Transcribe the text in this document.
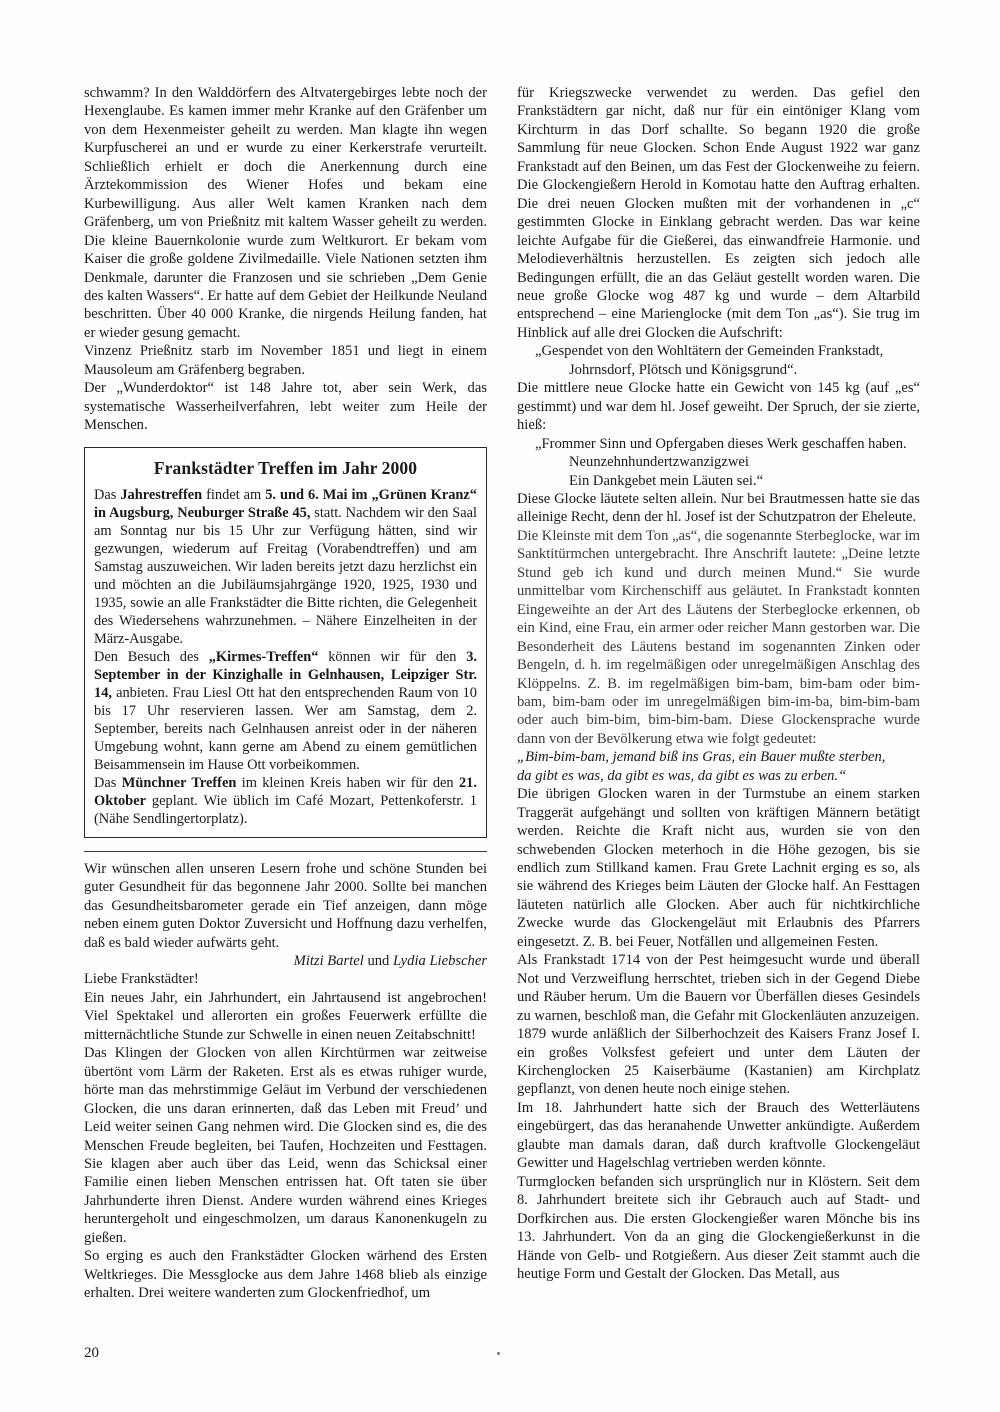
schwamm? In den Walddörfern des Altvatergebirges lebte noch der Hexenglaube. Es kamen immer mehr Kranke auf den Gräfenber um von dem Hexenmeister geheilt zu werden. Man klagte ihn wegen Kurpfuscherei an und er wurde zu einer Kerkerstrafe verurteilt. Schließlich erhielt er doch die Anerkennung durch eine Ärztekommission des Wiener Hofes und bekam eine Kurbewilligung. Aus aller Welt kamen Kranken nach dem Gräfenberg, um von Prießnitz mit kaltem Wasser geheilt zu werden. Die kleine Bauernkolonie wurde zum Weltkurort. Er bekam vom Kaiser die große goldene Zivilmedaille. Viele Nationen setzten ihm Denkmale, darunter die Franzosen und sie schrieben „Dem Genie des kalten Wassers“. Er hatte auf dem Gebiet der Heilkunde Neuland beschritten. Über 40 000 Kranke, die nirgends Heilung fanden, hat er wieder gesung gemacht.

Vinzenz Prießnitz starb im November 1851 und liegt in einem Mausoleum am Gräfenberg begraben.

Der „Wunderdoktor“ ist 148 Jahre tot, aber sein Werk, das systematische Wasserheilverfahren, lebt weiter zum Heile der Menschen.

Frankstädter Treffen im Jahr 2000

Das Jahrestreffen findet am 5. und 6. Mai im „Grünen Kranz“ in Augsburg, Neuburger Straße 45, statt. Nachdem wir den Saal am Sonntag nur bis 15 Uhr zur Verfügung hätten, sind wir gezwungen, wiederum auf Freitag (Vorabendtreffen) und am Samstag auszuweichen. Wir laden bereits jetzt dazu herzlichst ein und möchten an die Jubiläumsjahrgänge 1920, 1925, 1930 und 1935, sowie an alle Frankstädter die Bitte richten, die Gelegenheit des Wiedersehens wahrzunehmen. – Nähere Einzelheiten in der März-Ausgabe.

Den Besuch des „Kirmes-Treffen“ können wir für den 3. September in der Kinzighalle in Gelnhausen, Leipziger Str. 14, anbieten. Frau Liesl Ott hat den entsprechenden Raum von 10 bis 17 Uhr reservieren lassen. Wer am Samstag, dem 2. September, bereits nach Gelnhausen anreist oder in der näheren Umgebung wohnt, kann gerne am Abend zu einem gemütlichen Beisammensein im Hause Ott vorbeikommen.

Das Münchner Treffen im kleinen Kreis haben wir für den 21. Oktober geplant. Wie üblich im Café Mozart, Pettenkoferstr. 1 (Nähe Sendlingertorplatz).

Wir wünschen allen unseren Lesern frohe und schöne Stunden bei guter Gesundheit für das begonnene Jahr 2000. Sollte bei manchen das Gesundheitsbarometer gerade ein Tief anzeigen, dann möge neben einem guten Doktor Zuversicht und Hoffnung dazu verhelfen, daß es bald wieder aufwärts geht.

Mitzi Bartel und Lydia Liebscher

Liebe Frankstädter!

Ein neues Jahr, ein Jahrhundert, ein Jahrtausend ist angebrochen! Viel Spektakel und allerorten ein großes Feuerwerk erfüllte die mitternächtliche Stunde zur Schwelle in einen neuen Zeitabschnitt!

Das Klingen der Glocken von allen Kirchtürmen war zeitweise übertönt vom Lärm der Raketen. Erst als es etwas ruhiger wurde, hörte man das mehrstimmige Geläut im Verbund der verschiedenen Glocken, die uns daran erinnerten, daß das Leben mit Freud’ und Leid weiter seinen Gang nehmen wird. Die Glocken sind es, die des Menschen Freude begleiten, bei Taufen, Hochzeiten und Festtagen. Sie klagen aber auch über das Leid, wenn das Schicksal einer Familie einen lieben Menschen entrissen hat. Oft taten sie über Jahrhunderte ihren Dienst. Andere wurden während eines Krieges heruntergeholt und eingeschmolzen, um daraus Kanonenkugeln zu gießen.

So erging es auch den Frankstädter Glocken wärhend des Ersten Weltkrieges. Die Messglocke aus dem Jahre 1468 blieb als einzige erhalten. Drei weitere wanderten zum Glockenfriedhof, um

für Kriegszwecke verwendet zu werden. Das gefiel den Frankstädtern gar nicht, daß nur für ein eintöniger Klang vom Kirchturm in das Dorf schallte. So begann 1920 die große Sammlung für neue Glocken. Schon Ende August 1922 war ganz Frankstadt auf den Beinen, um das Fest der Glockenweihe zu feiern. Die Glockengießern Herold in Komotau hatte den Auftrag erhalten. Die drei neuen Glocken mußten mit der vorhandenen in „c“ gestimmten Glocke in Einklang gebracht werden. Das war keine leichte Aufgabe für die Gießerei, das einwandfreie Harmonie. und Melodieverhältnis herzustellen. Es zeigten sich jedoch alle Bedingungen erfüllt, die an das Geläut gestellt worden waren. Die neue große Glocke wog 487 kg und wurde – dem Altarbild entsprechend – eine Marienglocke (mit dem Ton „as“). Sie trug im Hinblick auf alle drei Glocken die Aufschrift:

„Gespendet von den Wohltätern der Gemeinden Frankstadt,

Johrnsdorf, Plötsch und Königsgrund“.

Die mittlere neue Glocke hatte ein Gewicht von 145 kg (auf „es“ gestimmt) und war dem hl. Josef geweiht. Der Spruch, der sie zierte, hieß:

„Frommer Sinn und Opfergaben dieses Werk geschaffen haben.

Neunzehnhundertzwanzigzwei

Ein Dankgebet mein Läuten sei.“

Diese Glocke läutete selten allein. Nur bei Brautmessen hatte sie das alleinige Recht, denn der hl. Josef ist der Schutzpatron der Eheleute.

Die Kleinste mit dem Ton „as“, die sogenannte Sterbeglocke, war im Sanktitürmchen untergebracht. Ihre Anschrift lautete: „Deine letzte Stund geb ich kund und durch meinen Mund.“ Sie wurde unmittelbar vom Kirchenschiff aus geläutet. In Frankstadt konnten Eingeweihte an der Art des Läutens der Sterbeglocke erkennen, ob ein Kind, eine Frau, ein armer oder reicher Mann gestorben war. Die Besonderheit des Läutens bestand im sogenannten Zinken oder Bengeln, d. h. im regelmäßigen oder unregelmäßigen Anschlag des Klöppelns. Z. B. im regelmäßigen bim-bam, bim-bam oder bim-bam, bim-bam oder im unregelmäßigen bim-im-ba, bim-bim-bam oder auch bim-bim, bim-bim-bam. Diese Glockensprache wurde dann von der Bevölkerung etwa wie folgt gedeutet:

„Bim-bim-bam, jemand biß ins Gras, ein Bauer mußte sterben,

da gibt es was, da gibt es was, da gibt es was zu erben.“

Die übrigen Glocken waren in der Turmstube an einem starken Traggerät aufgehängt und sollten von kräftigen Männern betätigt werden. Reichte die Kraft nicht aus, wurden sie von den schwebenden Glocken meterhoch in die Höhe gezogen, bis sie endlich zum Stillkand kamen. Frau Grete Lachnit erging es so, als sie während des Krieges beim Läuten der Glocke half. An Festtagen läuteten natürlich alle Glocken. Aber auch für nichtkirchliche Zwecke wurde das Glockengeläut mit Erlaubnis des Pfarrers eingesetzt. Z. B. bei Feuer, Notfällen und allgemeinen Festen.

Als Frankstadt 1714 von der Pest heimgesucht wurde und überall Not und Verzweiflung herrschtet, trieben sich in der Gegend Diebe und Räuber herum. Um die Bauern vor Überfällen dieses Gesindels zu warnen, beschloß man, die Gefahr mit Glockenläuten anzuzeigen.

1879 wurde anläßlich der Silberhochzeit des Kaisers Franz Josef I. ein großes Volksfest gefeiert und unter dem Läuten der Kirchenglocken 25 Kaiserbäume (Kastanien) am Kirchplatz gepflanzt, von denen heute noch einige stehen.

Im 18. Jahrhundert hatte sich der Brauch des Wetterläutens eingebürgert, das das heranahende Unwetter ankündigte. Außerdem glaubte man damals daran, daß durch kraftvolle Glockengeläut Gewitter und Hagelschlag vertrieben werden könnte.

Turmglocken befanden sich ursprünglich nur in Klöstern. Seit dem 8. Jahrhundert breitete sich ihr Gebrauch auch auf Stadt- und Dorfkirchen aus. Die ersten Glockengießer waren Mönche bis ins 13. Jahrhundert. Von da an ging die Glockengießerkunst in die Hände von Gelb- und Rotgießern. Aus dieser Zeit stammt auch die heutige Form und Gestalt der Glocken. Das Metall, aus

20
